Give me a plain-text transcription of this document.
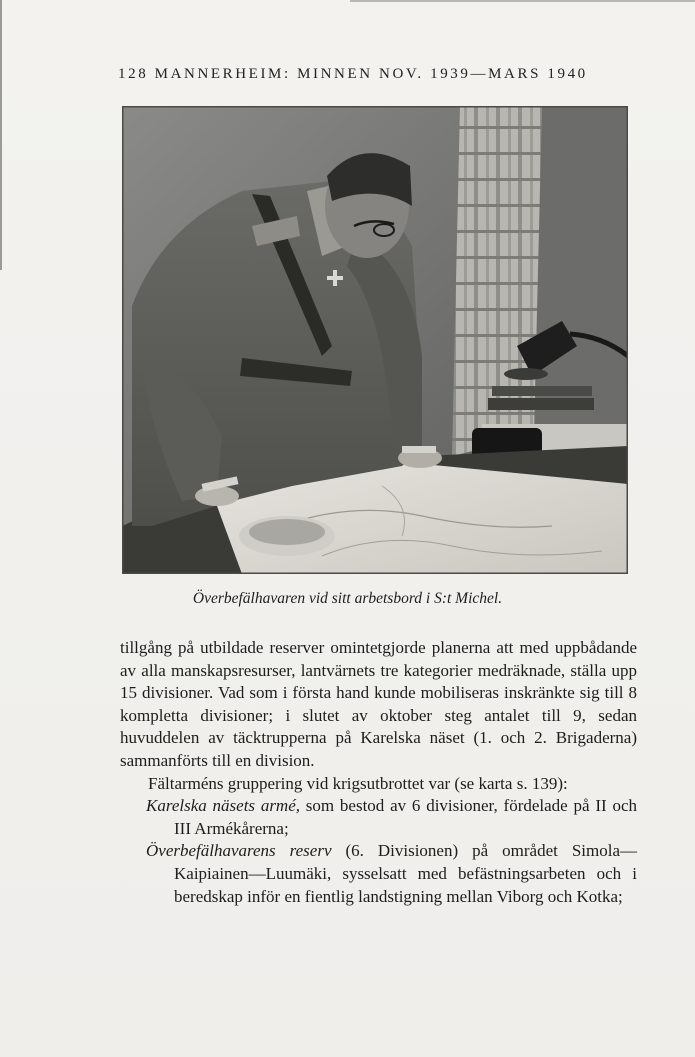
128 MANNERHEIM: MINNEN NOV. 1939—MARS 1940
Överbefälhavaren vid sitt arbetsbord i S:t Michel.

tillgång på utbildade reserver omintetgjorde planerna att med uppbådande av alla manskapsresurser, lantvärnets tre kategorier medräknade, ställa upp 15 divisioner. Vad som i första hand kunde mobiliseras inskränkte sig till 8 kompletta divisioner; i slutet av oktober steg antalet till 9, sedan huvuddelen av täcktrupperna på Karelska näset (1. och 2. Brigaderna) sammanförts till en division.

Fältarméns gruppering vid krigsutbrottet var (se karta s. 139):

Karelska näsets armé, som bestod av 6 divisioner, fördelade på II och III Armékårerna;

Överbefälhavarens reserv (6. Divisionen) på området Simola—Kaipiainen—Luumäki, sysselsatt med befästningsarbeten och i beredskap inför en fientlig landstigning mellan Viborg och Kotka;
